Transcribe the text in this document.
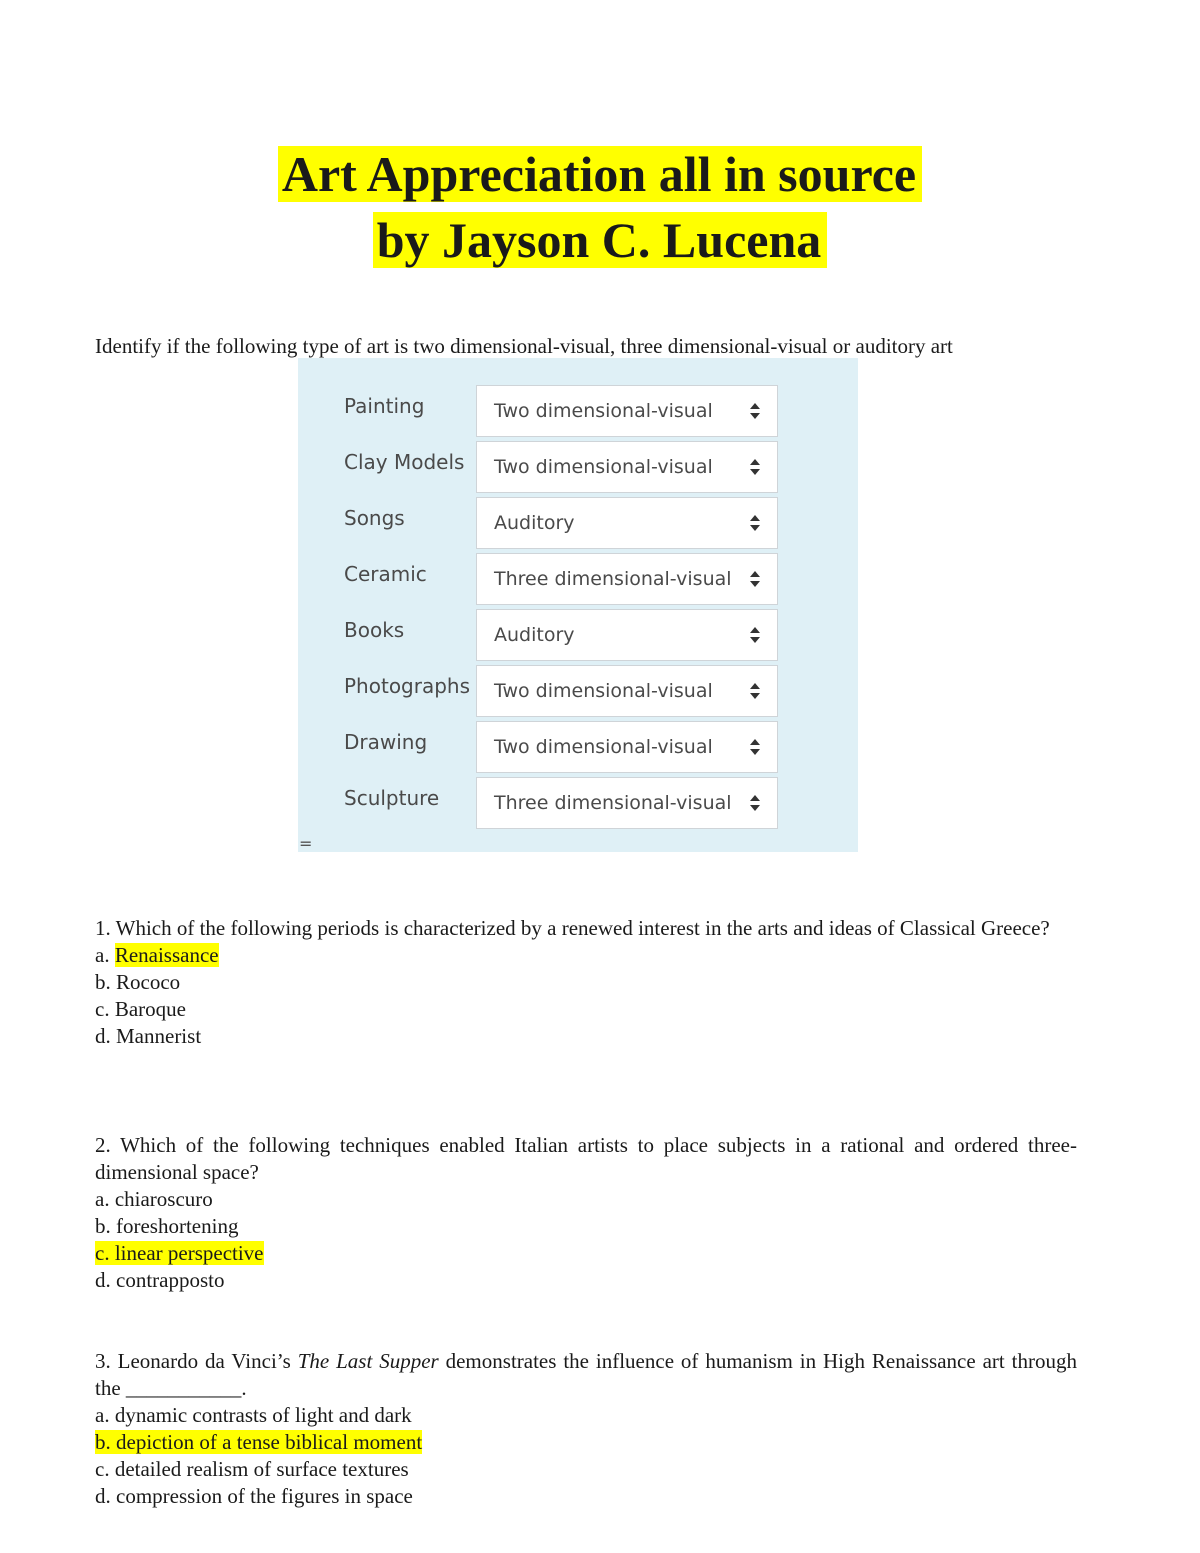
Art Appreciation all in source
by Jayson C. Lucena
Identify if the following type of art is two dimensional-visual, three dimensional-visual or auditory art
Painting	Two dimensional-visual
Clay Models Two dimensional-visual
Songs	Auditory
Ceramic	Three dimensional-visual
Books	Auditory
Photographs Two dimensional-visual
Drawing	Two dimensional-visual
Sculpture	Three dimensional-visual
=
1. Which of the following periods is characterized by a renewed interest in the arts and ideas of Classical Greece?
a. Renaissance
b. Rococo
c. Baroque
d. Mannerist
2. Which of the following techniques enabled Italian artists to place subjects in a rational and ordered three-dimensional space?
a. chiaroscuro
b. foreshortening
c. linear perspective
d. contrapposto
3. Leonardo da Vinci’s The Last Supper demonstrates the influence of humanism in High Renaissance art through the ___________.
a. dynamic contrasts of light and dark
b. depiction of a tense biblical moment
c. detailed realism of surface textures
d. compression of the figures in space
